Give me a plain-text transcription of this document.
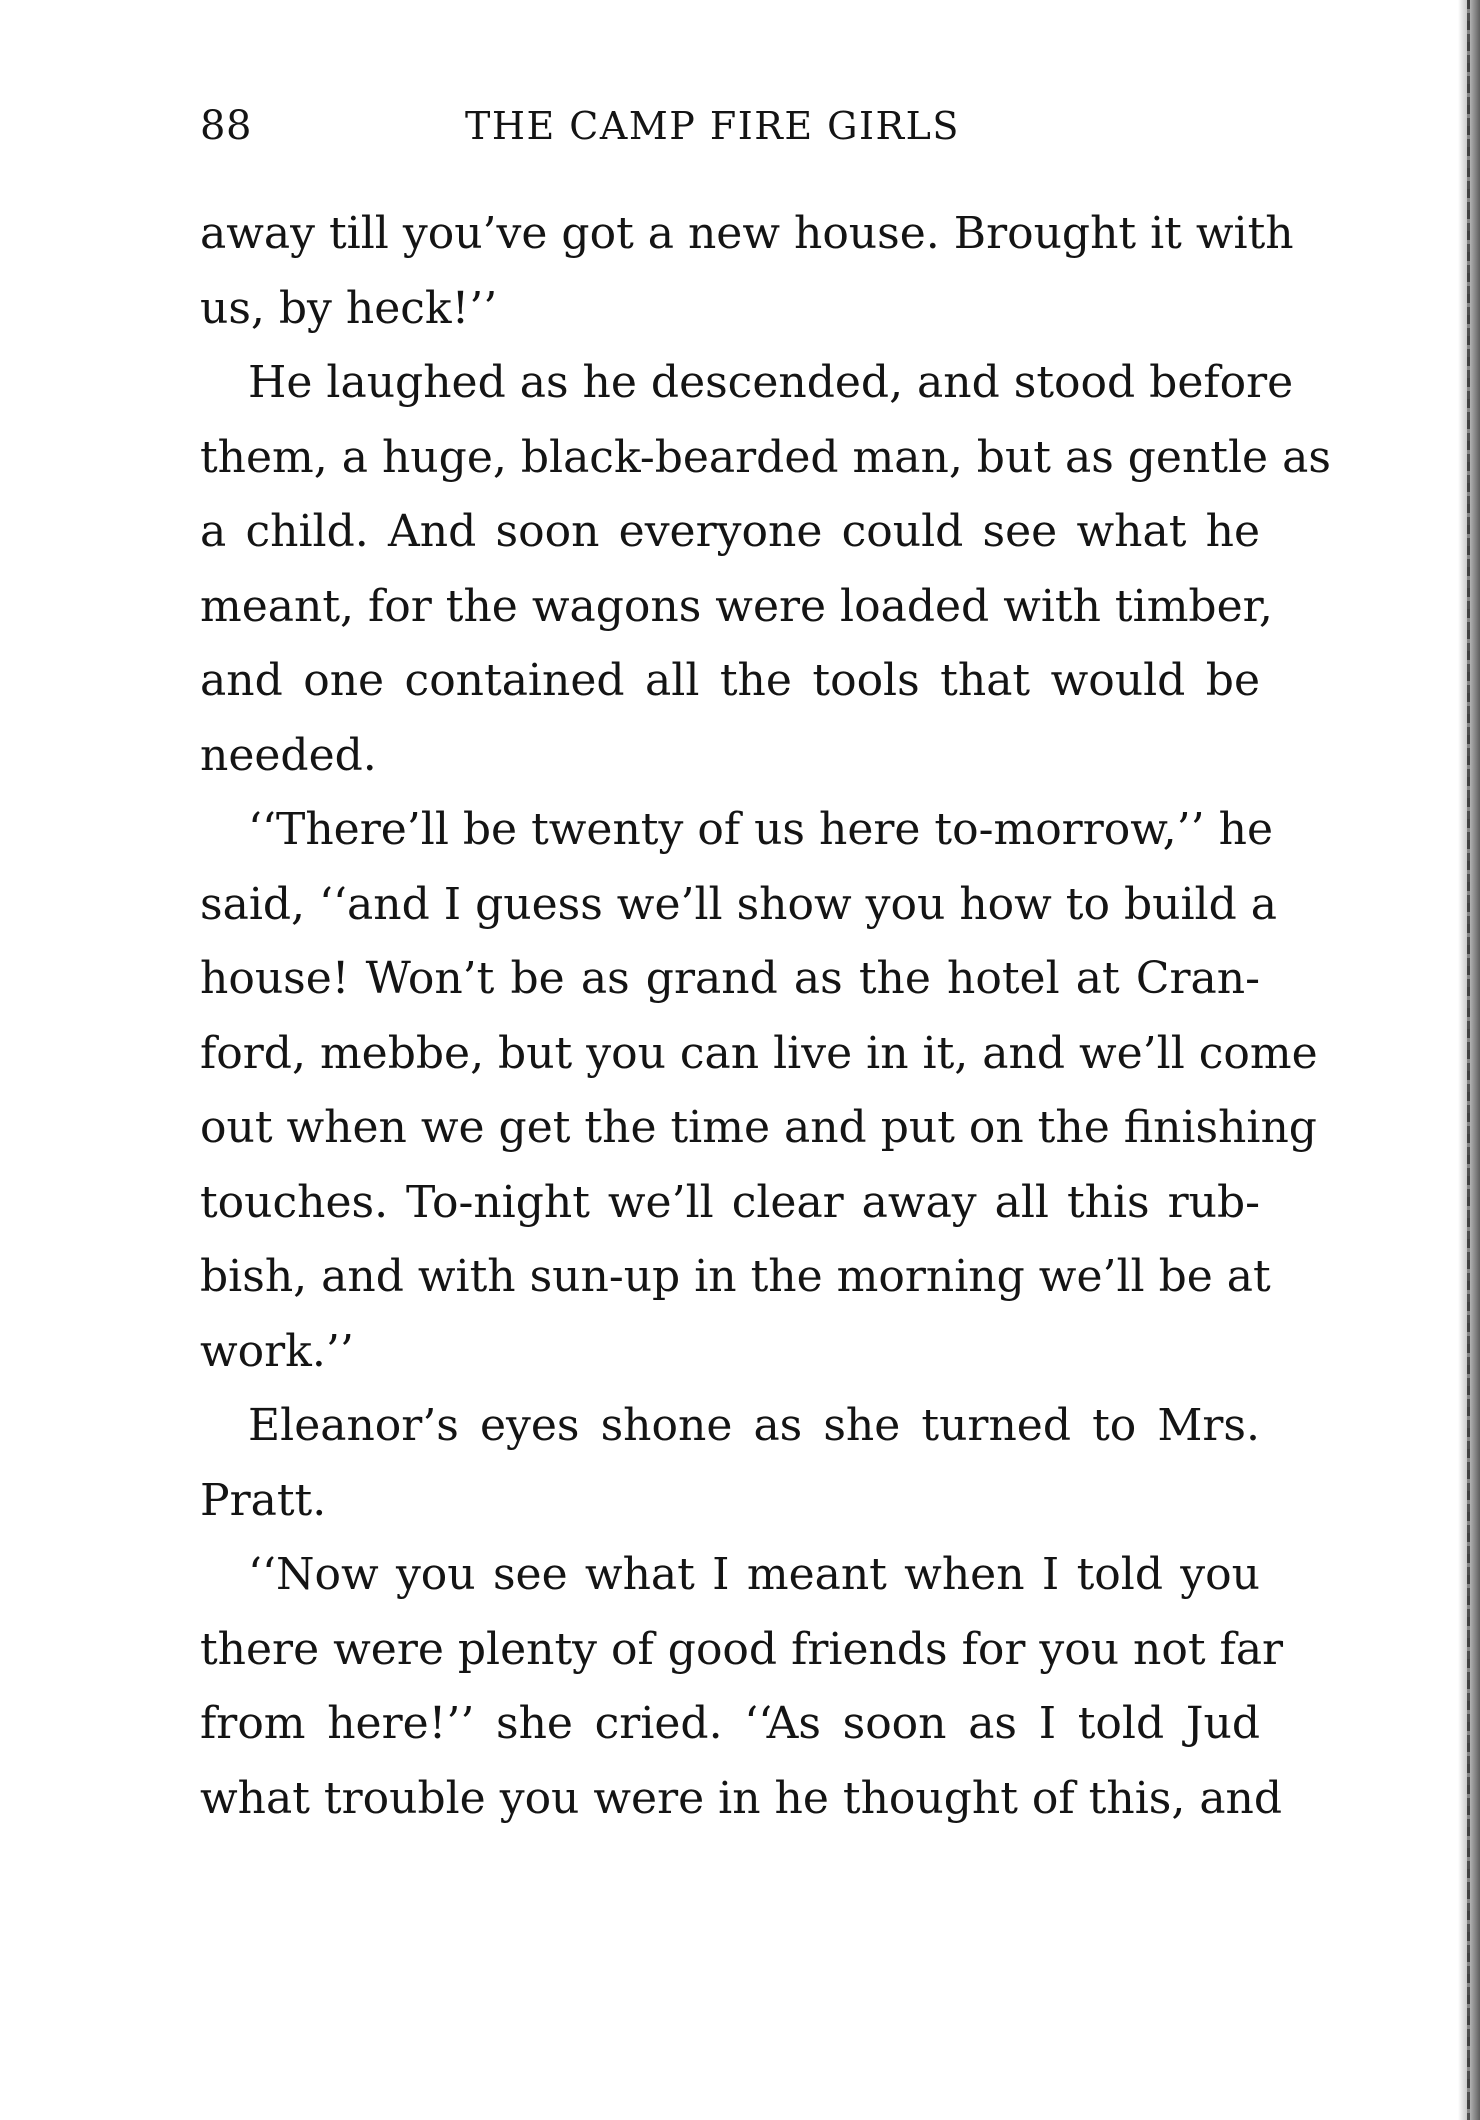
88	THE CAMP FIRE GIRLS
away till you’ve got a new house. Brought it with
us, by heck!’’
He laughed as he descended, and stood before
them, a huge, black-bearded man, but as gentle as
a child. And soon everyone could see what he
meant, for the wagons were loaded with timber,
and one contained all the tools that would be
needed.
‘‘There’ll be twenty of us here to-morrow,’’ he
said, ‘‘and I guess we’ll show you how to build a
house! Won’t be as grand as the hotel at Cran-
ford, mebbe, but you can live in it, and we’ll come
out when we get the time and put on the finishing
touches. To-night we’ll clear away all this rub-
bish, and with sun-up in the morning we’ll be at
work.’’
Eleanor’s eyes shone as she turned to Mrs.
Pratt.
‘‘Now you see what I meant when I told you
there were plenty of good friends for you not far
from here!’’ she cried. ‘‘As soon as I told Jud
what trouble you were in he thought of this, and
